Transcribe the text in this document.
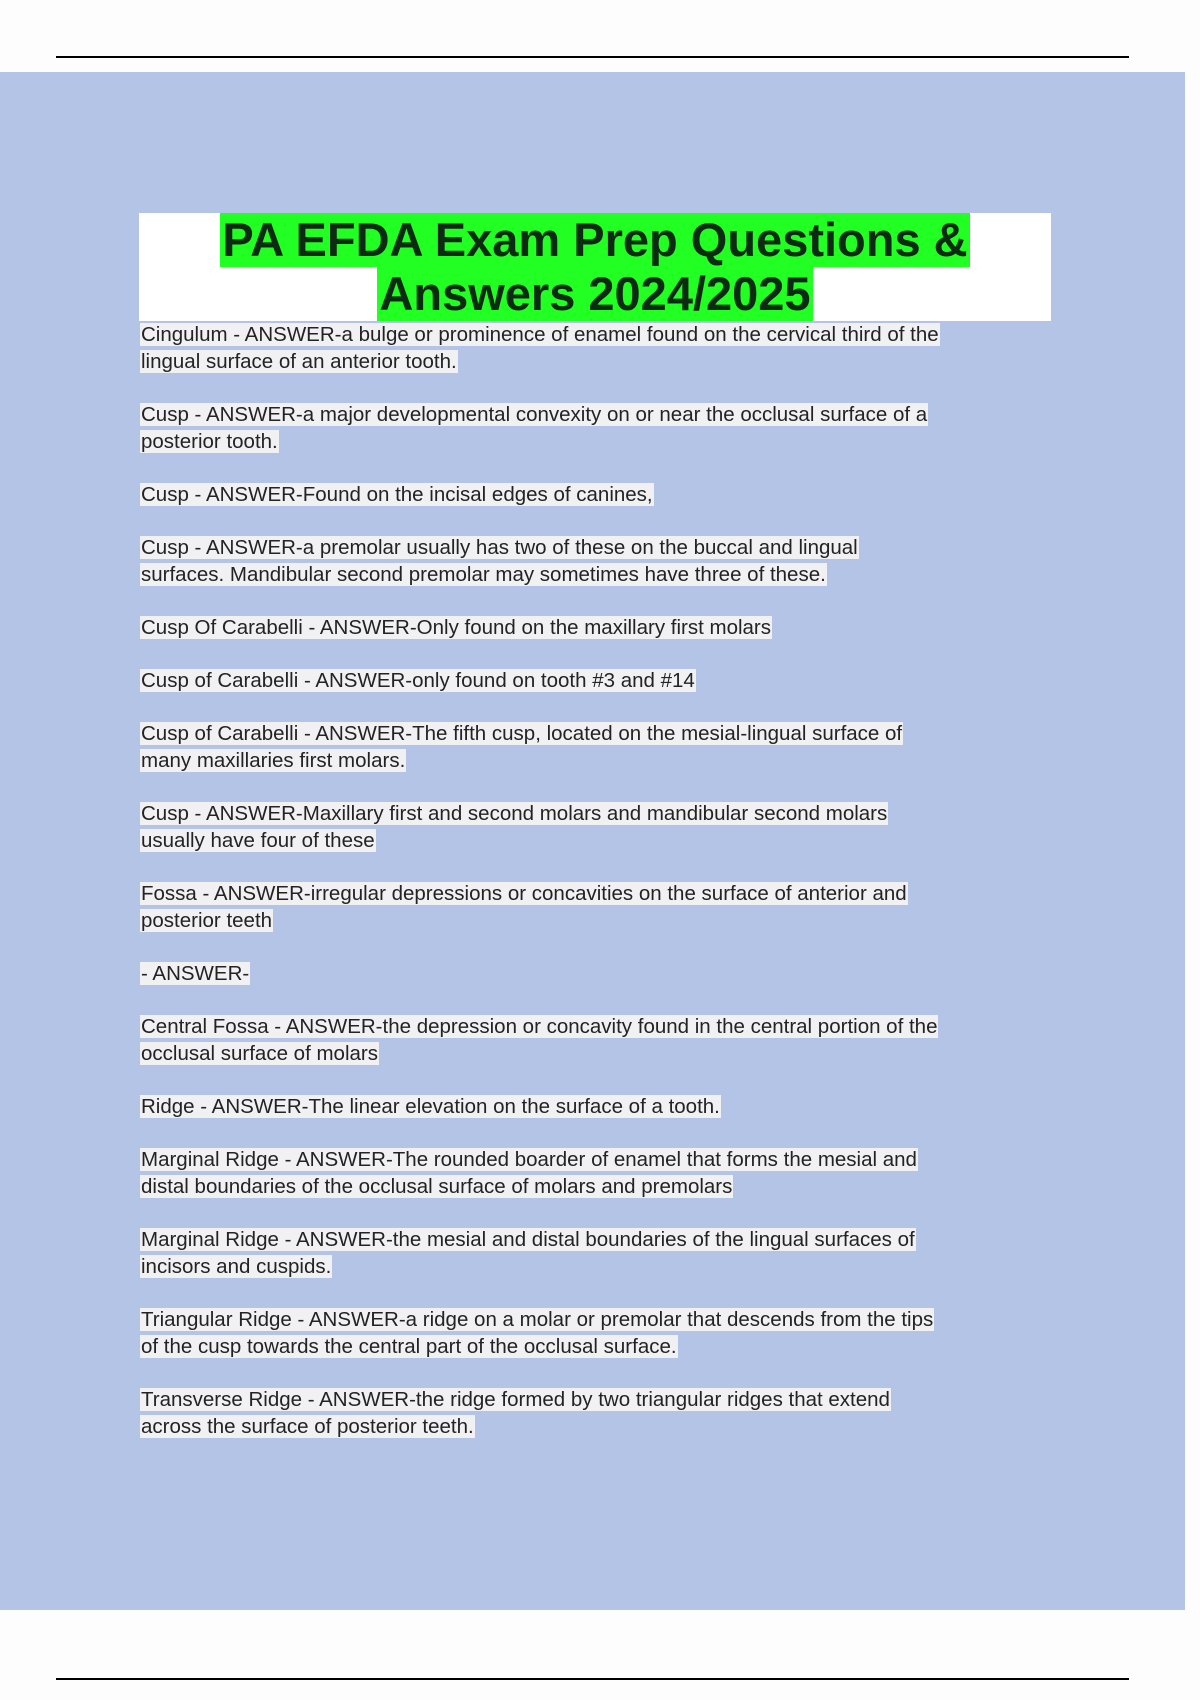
PA EFDA Exam Prep Questions &
Answers 2024/2025

Cingulum - ANSWER-a bulge or prominence of enamel found on the cervical third of the
lingual surface of an anterior tooth.

Cusp - ANSWER-a major developmental convexity on or near the occlusal surface of a
posterior tooth.

Cusp - ANSWER-Found on the incisal edges of canines,

Cusp - ANSWER-a premolar usually has two of these on the buccal and lingual
surfaces. Mandibular second premolar may sometimes have three of these.

Cusp Of Carabelli - ANSWER-Only found on the maxillary first molars

Cusp of Carabelli - ANSWER-only found on tooth #3 and #14

Cusp of Carabelli - ANSWER-The fifth cusp, located on the mesial-lingual surface of
many maxillaries first molars.

Cusp - ANSWER-Maxillary first and second molars and mandibular second molars
usually have four of these

Fossa - ANSWER-irregular depressions or concavities on the surface of anterior and
posterior teeth

- ANSWER-

Central Fossa - ANSWER-the depression or concavity found in the central portion of the
occlusal surface of molars

Ridge - ANSWER-The linear elevation on the surface of a tooth.

Marginal Ridge - ANSWER-The rounded boarder of enamel that forms the mesial and
distal boundaries of the occlusal surface of molars and premolars

Marginal Ridge - ANSWER-the mesial and distal boundaries of the lingual surfaces of
incisors and cuspids.

Triangular Ridge - ANSWER-a ridge on a molar or premolar that descends from the tips
of the cusp towards the central part of the occlusal surface.

Transverse Ridge - ANSWER-the ridge formed by two triangular ridges that extend
across the surface of posterior teeth.
